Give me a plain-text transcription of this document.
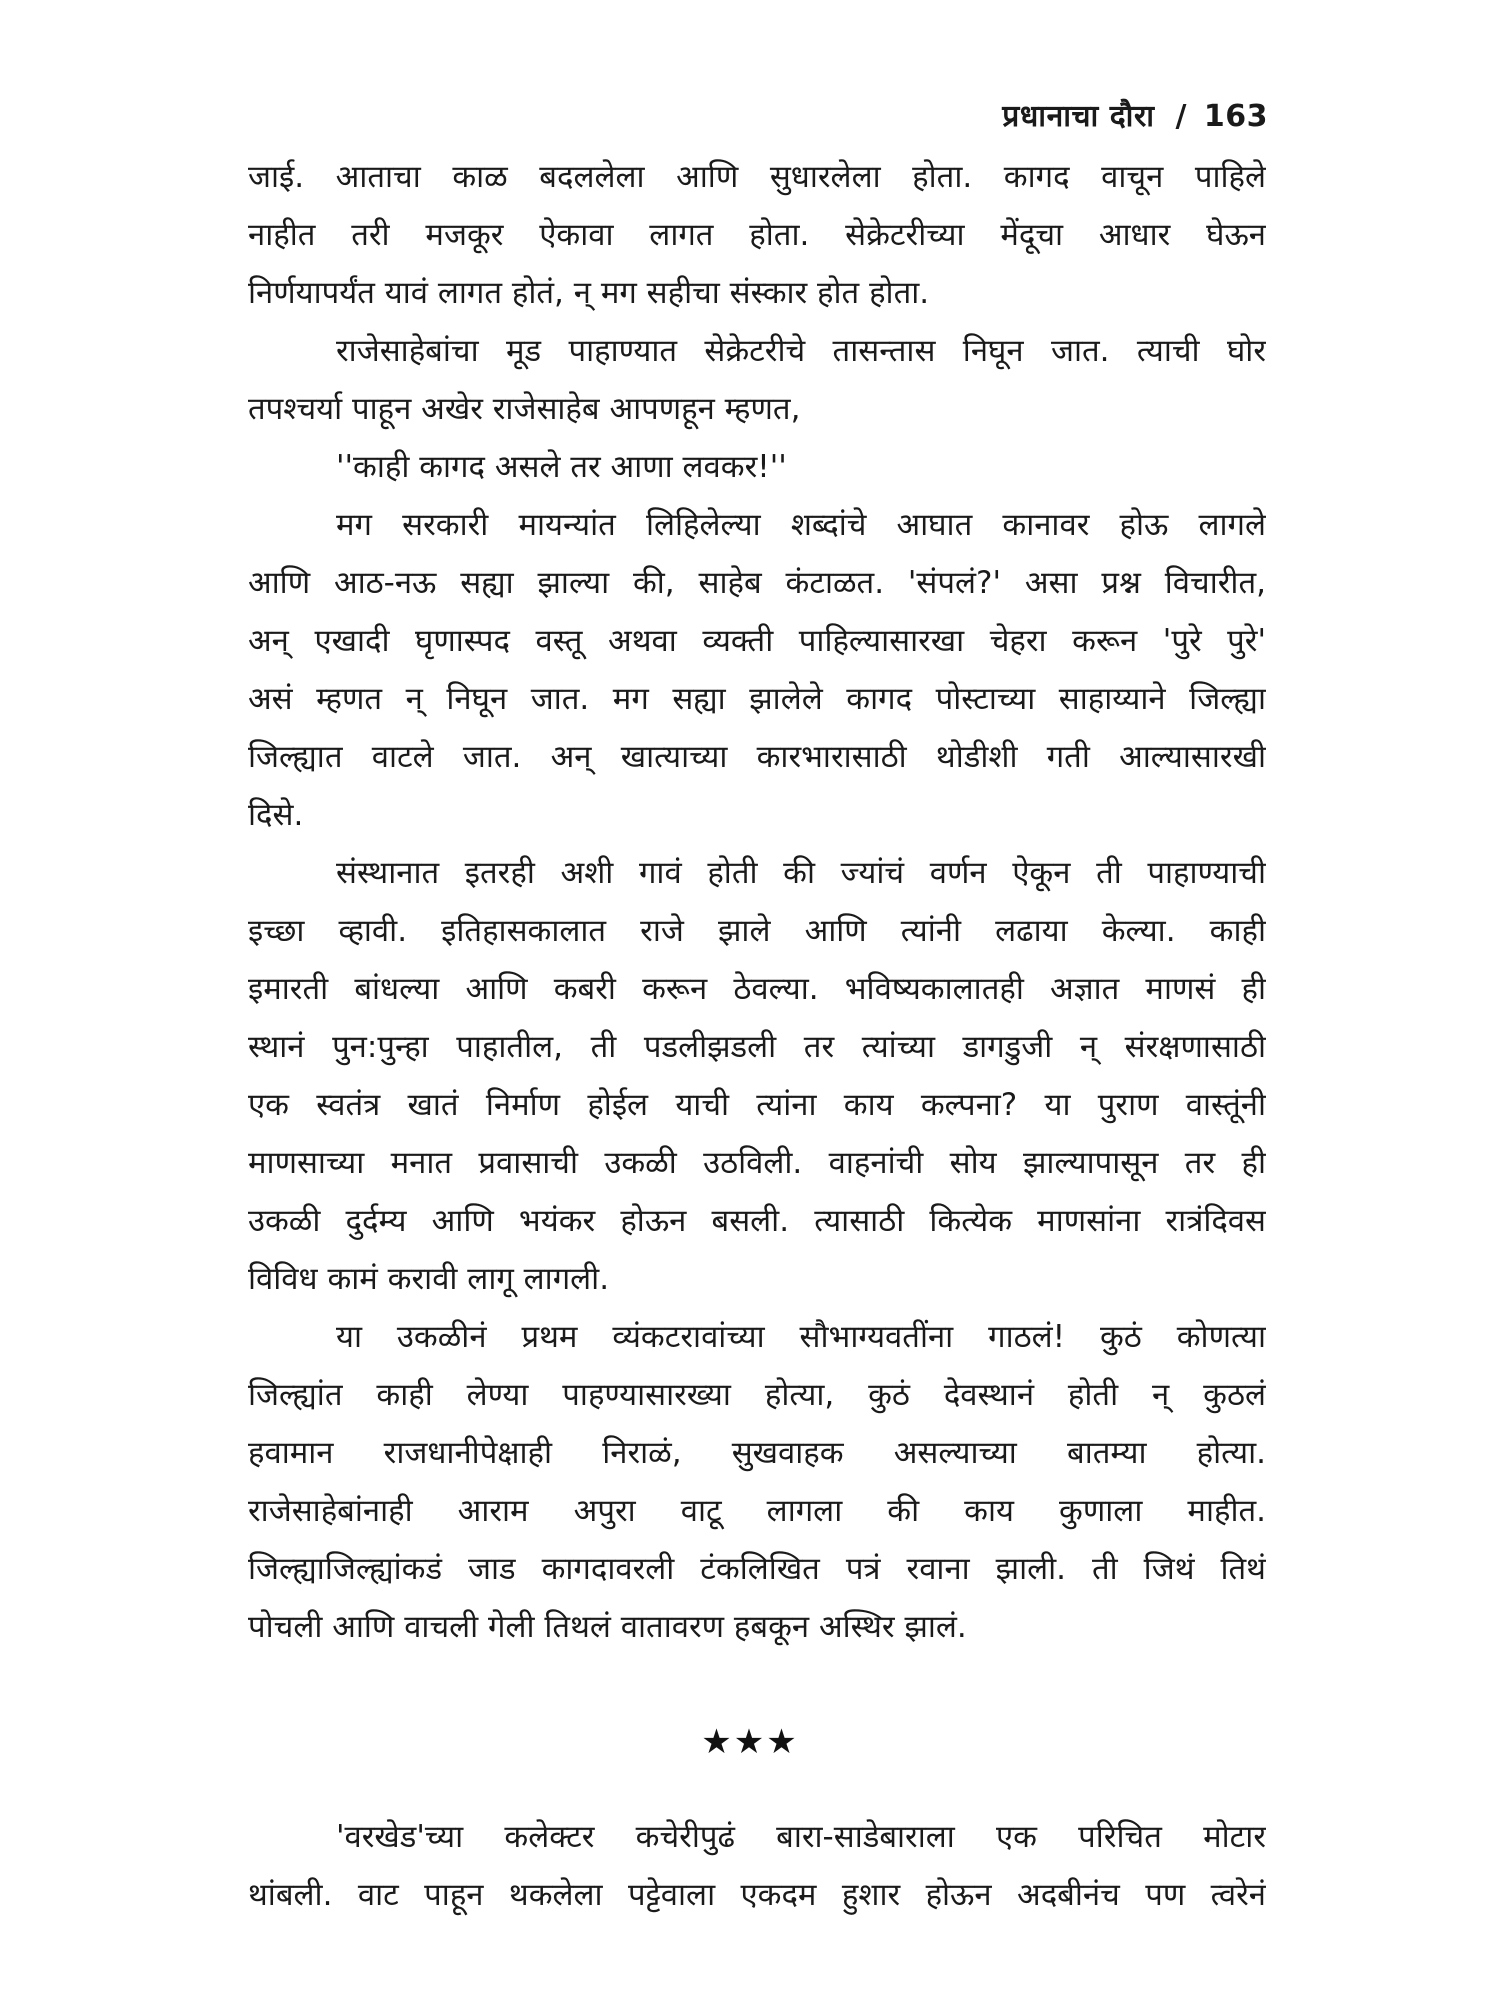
प्रधानाचा दौरा / 163
जाई. आताचा काळ बदललेला आणि सुधारलेला होता. कागद वाचून पाहिले
नाहीत तरी मजकूर ऐकावा लागत होता. सेक्रेटरीच्या मेंदूचा आधार घेऊन
निर्णयापर्यंत यावं लागत होतं, न् मग सहीचा संस्कार होत होता.
राजेसाहेबांचा मूड पाहाण्यात सेक्रेटरीचे तासन्तास निघून जात. त्याची घोर
तपश्चर्या पाहून अखेर राजेसाहेब आपणहून म्हणत,
''काही कागद असले तर आणा लवकर!''
मग सरकारी मायन्यांत लिहिलेल्या शब्दांचे आघात कानावर होऊ लागले
आणि आठ-नऊ सह्या झाल्या की, साहेब कंटाळत. 'संपलं?' असा प्रश्न विचारीत,
अन् एखादी घृणास्पद वस्तू अथवा व्यक्ती पाहिल्यासारखा चेहरा करून 'पुरे पुरे'
असं म्हणत न् निघून जात. मग सह्या झालेले कागद पोस्टाच्या साहाय्याने जिल्ह्या
जिल्ह्यात वाटले जात. अन् खात्याच्या कारभारासाठी थोडीशी गती आल्यासारखी
दिसे.
संस्थानात इतरही अशी गावं होती की ज्यांचं वर्णन ऐकून ती पाहाण्याची
इच्छा व्हावी. इतिहासकालात राजे झाले आणि त्यांनी लढाया केल्या. काही
इमारती बांधल्या आणि कबरी करून ठेवल्या. भविष्यकालातही अज्ञात माणसं ही
स्थानं पुन:पुन्हा पाहातील, ती पडलीझडली तर त्यांच्या डागडुजी न् संरक्षणासाठी
एक स्वतंत्र खातं निर्माण होईल याची त्यांना काय कल्पना? या पुराण वास्तूंनी
माणसाच्या मनात प्रवासाची उकळी उठविली. वाहनांची सोय झाल्यापासून तर ही
उकळी दुर्दम्य आणि भयंकर होऊन बसली. त्यासाठी कित्येक माणसांना रात्रंदिवस
विविध कामं करावी लागू लागली.
या उकळीनं प्रथम व्यंकटरावांच्या सौभाग्यवतींना गाठलं! कुठं कोणत्या
जिल्ह्यांत काही लेण्या पाहण्यासारख्या होत्या, कुठं देवस्थानं होती न् कुठलं
हवामान राजधानीपेक्षाही निराळं, सुखवाहक असल्याच्या बातम्या होत्या.
राजेसाहेबांनाही आराम अपुरा वाटू लागला की काय कुणाला माहीत.
जिल्ह्याजिल्ह्यांकडं जाड कागदावरली टंकलिखित पत्रं रवाना झाली. ती जिथं तिथं
पोचली आणि वाचली गेली तिथलं वातावरण हबकून अस्थिर झालं.
★★★
'वरखेड'च्या कलेक्टर कचेरीपुढं बारा-साडेबाराला एक परिचित मोटार
थांबली. वाट पाहून थकलेला पट्टेवाला एकदम हुशार होऊन अदबीनंच पण त्वरेनं
